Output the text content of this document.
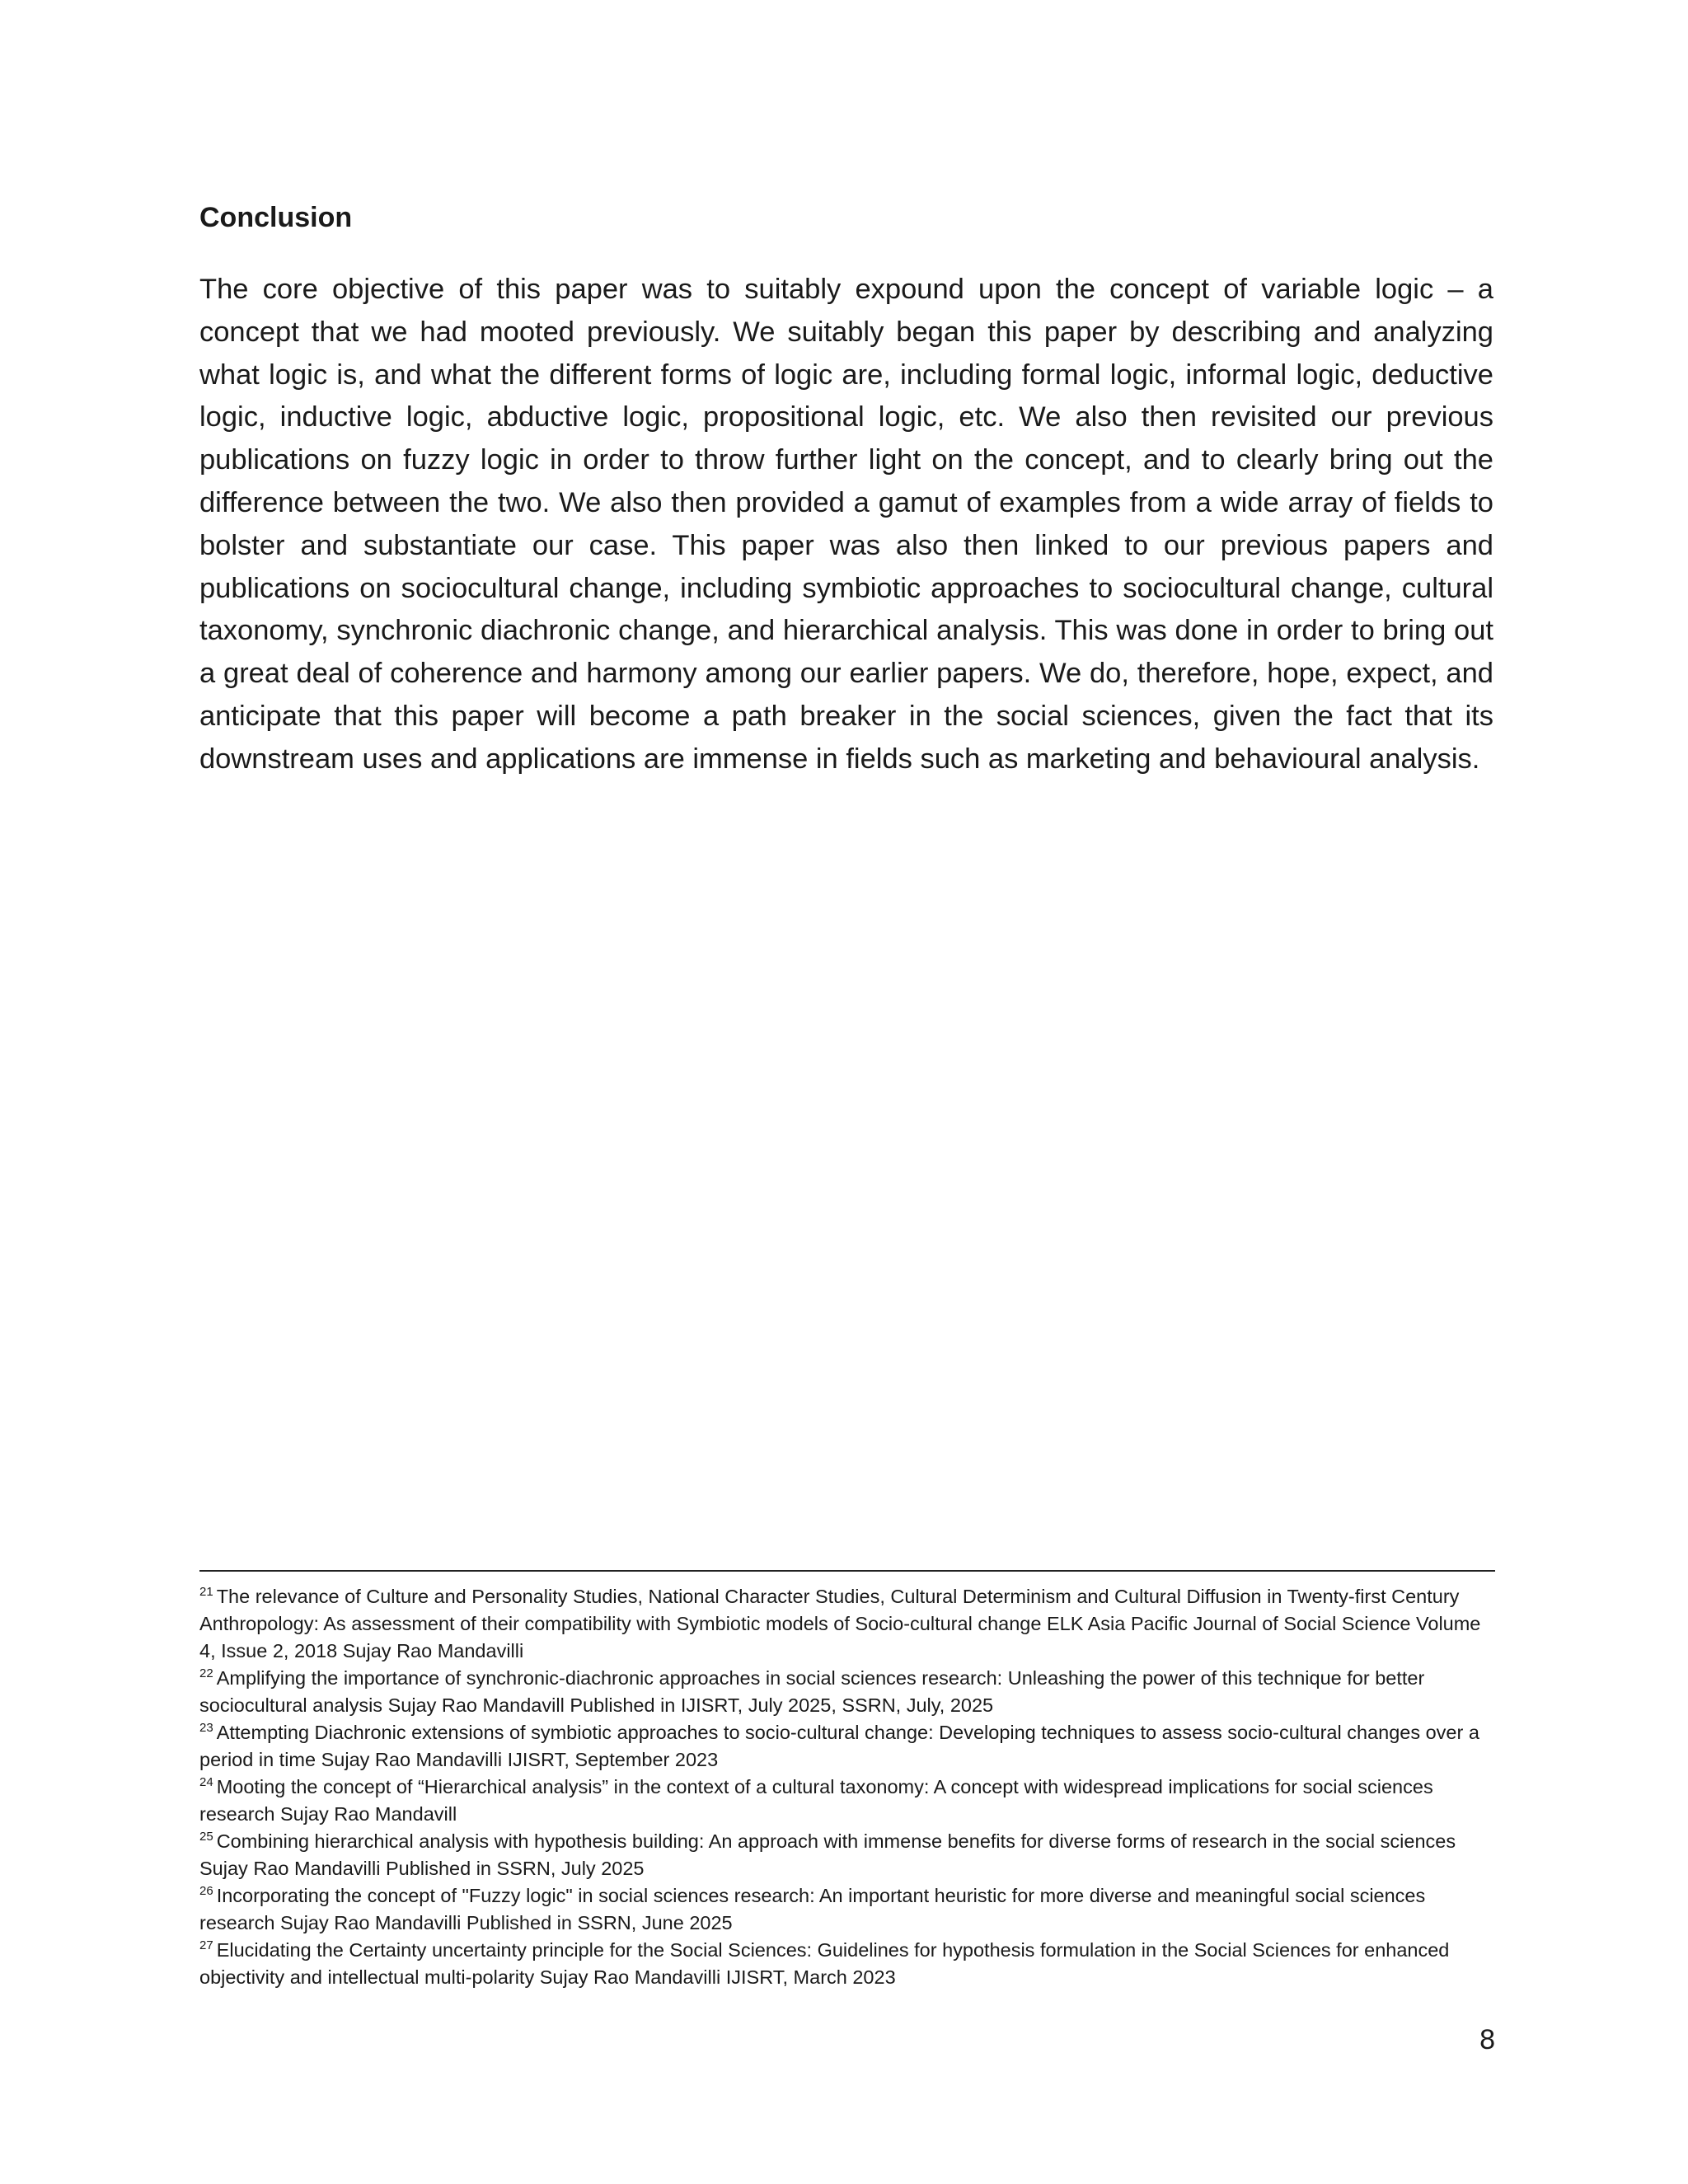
Conclusion

The core objective of this paper was to suitably expound upon the concept of variable logic – a concept that we had mooted previously. We suitably began this paper by describing and analyzing what logic is, and what the different forms of logic are, including formal logic, informal logic, deductive logic, inductive logic, abductive logic, propositional logic, etc. We also then revisited our previous publications on fuzzy logic in order to throw further light on the concept, and to clearly bring out the difference between the two. We also then provided a gamut of examples from a wide array of fields to bolster and substantiate our case. This paper was also then linked to our previous papers and publications on sociocultural change, including symbiotic approaches to sociocultural change, cultural taxonomy, synchronic diachronic change, and hierarchical analysis. This was done in order to bring out a great deal of coherence and harmony among our earlier papers. We do, therefore, hope, expect, and anticipate that this paper will become a path breaker in the social sciences, given the fact that its downstream uses and applications are immense in fields such as marketing and behavioural analysis.

$^{21}$ The relevance of Culture and Personality Studies, National Character Studies, Cultural Determinism and Cultural Diffusion in Twenty-first Century Anthropology: As assessment of their compatibility with Symbiotic models of Socio-cultural change ELK Asia Pacific Journal of Social Science Volume 4, Issue 2, 2018 Sujay Rao Mandavilli
$^{22}$ Amplifying the importance of synchronic-diachronic approaches in social sciences research: Unleashing the power of this technique for better sociocultural analysis Sujay Rao Mandavill Published in IJISRT, July 2025, SSRN, July, 2025
$^{23}$ Attempting Diachronic extensions of symbiotic approaches to socio-cultural change: Developing techniques to assess socio-cultural changes over a period in time Sujay Rao Mandavilli IJISRT, September 2023
$^{24}$ Mooting the concept of “Hierarchical analysis” in the context of a cultural taxonomy: A concept with widespread implications for social sciences research Sujay Rao Mandavill
$^{25}$ Combining hierarchical analysis with hypothesis building: An approach with immense benefits for diverse forms of research in the social sciences Sujay Rao Mandavilli Published in SSRN, July 2025
$^{26}$ Incorporating the concept of "Fuzzy logic" in social sciences research: An important heuristic for more diverse and meaningful social sciences research Sujay Rao Mandavilli Published in SSRN, June 2025
$^{27}$ Elucidating the Certainty uncertainty principle for the Social Sciences: Guidelines for hypothesis formulation in the Social Sciences for enhanced objectivity and intellectual multi-polarity Sujay Rao Mandavilli IJISRT, March 2023
8
